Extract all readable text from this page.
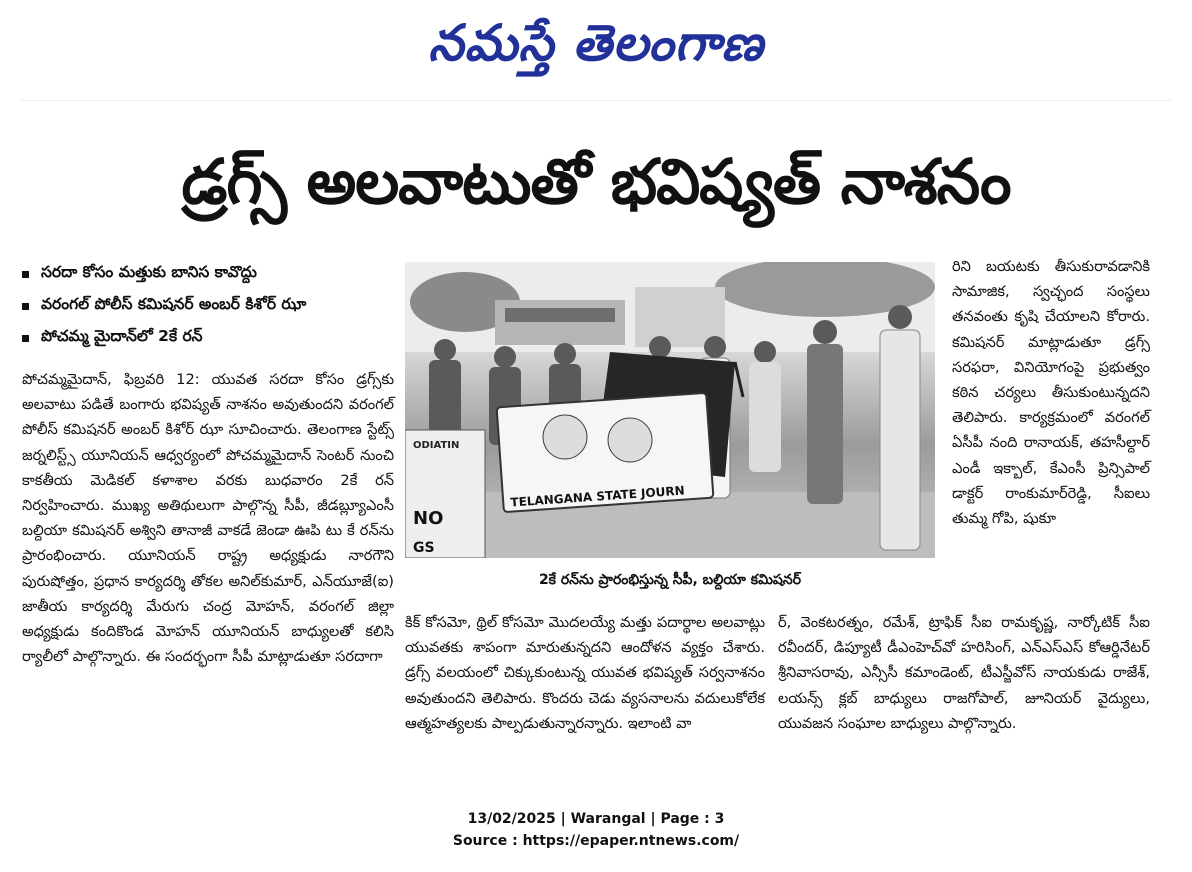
నమస్తే తెలంగాణ
డ్రగ్స్ అలవాటుతో భవిష్యత్ నాశనం
సరదా కోసం మత్తుకు బానిస కావొద్దు
వరంగల్ పోలీస్ కమిషనర్ అంబర్ కిశోర్ ఝా
పోచమ్మ మైదాన్‌లో 2కే రన్

పోచమ్మమైదాన్, ఫిబ్రవరి 12: యువత సరదా కోసం డ్రగ్స్‌కు అలవాటు పడితే బంగారు భవిష్యత్ నాశనం అవుతుందని వరంగల్ పోలీస్ కమిషనర్ అంబర్ కిశోర్ ఝా సూచించారు. తెలంగాణ స్టేట్స్ జర్నలిస్ట్స్ యూనియన్ ఆధ్వర్యంలో పోచమ్మమైదాన్ సెంటర్ నుంచి కాకతీయ మెడికల్ కళాశాల వరకు బుధవారం 2కే రన్ నిర్వహించారు. ముఖ్య అతిథులుగా పాల్గొన్న సీపీ, జీడబ్ల్యూఎంసీ బల్దియా కమిషనర్ అశ్విని తానాజీ వాకడే జెండా ఊపి టు కే రన్‌ను ప్రారంభించారు. యూనియన్ రాష్ట్ర అధ్యక్షుడు నారగౌని పురుషోత్తం, ప్రధాన కార్యదర్శి తోకల అనిల్‌కుమార్, ఎన్‌యూజే(ఐ) జాతీయ కార్యదర్శి మేరుగు చంద్ర మోహన్, వరంగల్ జిల్లా అధ్యక్షుడు కందికొండ మోహన్ యూనియన్ బాధ్యులతో కలిసి ర్యాలీలో పాల్గొన్నారు. ఈ సందర్భంగా సీపీ మాట్లాడుతూ సరదాగా

TELANGANA STATE JOURN
ODIATIN
NO
GS
2కే రన్‌ను ప్రారంభిస్తున్న సీపీ, బల్దియా కమిషనర్

కిక్ కోసమో, థ్రిల్ కోసమో మొదలయ్యే మత్తు పదార్థాల అలవాట్లు యువతకు శాపంగా మారుతున్నదని ఆందోళన వ్యక్తం చేశారు. డ్రగ్స్ వలయంలో చిక్కుకుంటున్న యువత భవిష్యత్ సర్వనాశనం అవుతుందని తెలిపారు. కొందరు చెడు వ్యసనాలను వదులుకోలేక ఆత్మహత్యలకు పాల్పడుతున్నారన్నారు. ఇలాంటి వా

ర్, వెంకటరత్నం, రమేశ్, ట్రాఫిక్ సీఐ రామకృష్ణ, నార్కోటిక్ సీఐ రవీందర్, డిప్యూటీ డీఎంహెచ్‌వో హరిసింగ్, ఎన్ఎస్ఎస్ కోఆర్డినేటర్ శ్రీనివాసరావు, ఎన్సీసీ కమాండెంట్, టీఎస్జీవోస్ నాయకుడు రాజేశ్, లయన్స్ క్లబ్ బాధ్యులు రాజగోపాల్, జూనియర్ వైద్యులు, యువజన సంఘాల బాధ్యులు పాల్గొన్నారు.

రిని బయటకు తీసుకురావడానికి సామాజిక, స్వచ్ఛంద సంస్థలు తనవంతు కృషి చేయాలని కోరారు. కమిషనర్ మాట్లాడుతూ డ్రగ్స్ సరఫరా, వినియోగంపై ప్రభుత్వం కఠిన చర్యలు తీసుకుంటున్నదని తెలిపారు. కార్యక్రమంలో వరంగల్ ఏసీపీ నంది రానాయక్, తహసీల్దార్ ఎండీ ఇక్బాల్, కేఎంసీ ప్రిన్సిపాల్ డాక్టర్ రాంకుమార్‌రెడ్డి, సీఐలు తుమ్మ గోపి, షుకూ

13/02/2025 | Warangal | Page : 3
Source : https://epaper.ntnews.com/
